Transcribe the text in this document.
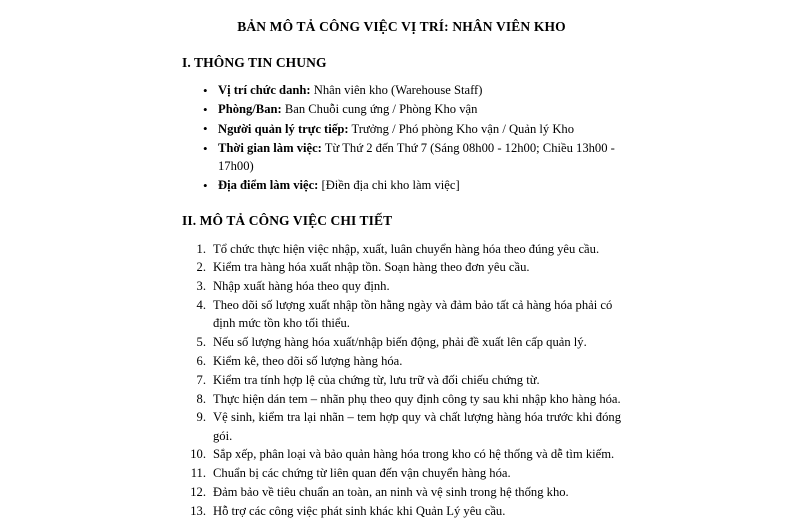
BẢN MÔ TẢ CÔNG VIỆC VỊ TRÍ: NHÂN VIÊN KHO
I. THÔNG TIN CHUNG
• Vị trí chức danh: Nhân viên kho (Warehouse Staff)
• Phòng/Ban: Ban Chuỗi cung ứng / Phòng Kho vận
• Người quản lý trực tiếp: Trưởng / Phó phòng Kho vận / Quản lý Kho
• Thời gian làm việc: Từ Thứ 2 đến Thứ 7 (Sáng 08h00 - 12h00; Chiều 13h00 - 17h00)
• Địa điểm làm việc: [Điền địa chi kho làm việc]
II. MÔ TẢ CÔNG VIỆC CHI TIẾT
Tổ chức thực hiện việc nhập, xuất, luân chuyển hàng hóa theo đúng yêu cầu.
Kiểm tra hàng hóa xuất nhập tồn. Soạn hàng theo đơn yêu cầu.
Nhập xuất hàng hóa theo quy định.
Theo dõi số lượng xuất nhập tồn hằng ngày và đảm bảo tất cả hàng hóa phải có định mức tồn kho tối thiểu.
Nếu số lượng hàng hóa xuất/nhập biến động, phải đề xuất lên cấp quản lý.
Kiểm kê, theo dõi số lượng hàng hóa.
Kiểm tra tính hợp lệ của chứng từ, lưu trữ và đối chiếu chứng từ.
Thực hiện dán tem – nhãn phụ theo quy định công ty sau khi nhập kho hàng hóa.
Vệ sinh, kiểm tra lại nhãn – tem hợp quy và chất lượng hàng hóa trước khi đóng gói.
Sắp xếp, phân loại và bảo quản hàng hóa trong kho có hệ thống và dễ tìm kiếm.
Chuẩn bị các chứng từ liên quan đến vận chuyển hàng hóa.
Đảm bảo về tiêu chuẩn an toàn, an ninh và vệ sinh trong hệ thống kho.
Hỗ trợ các công việc phát sinh khác khi Quản Lý yêu cầu.
